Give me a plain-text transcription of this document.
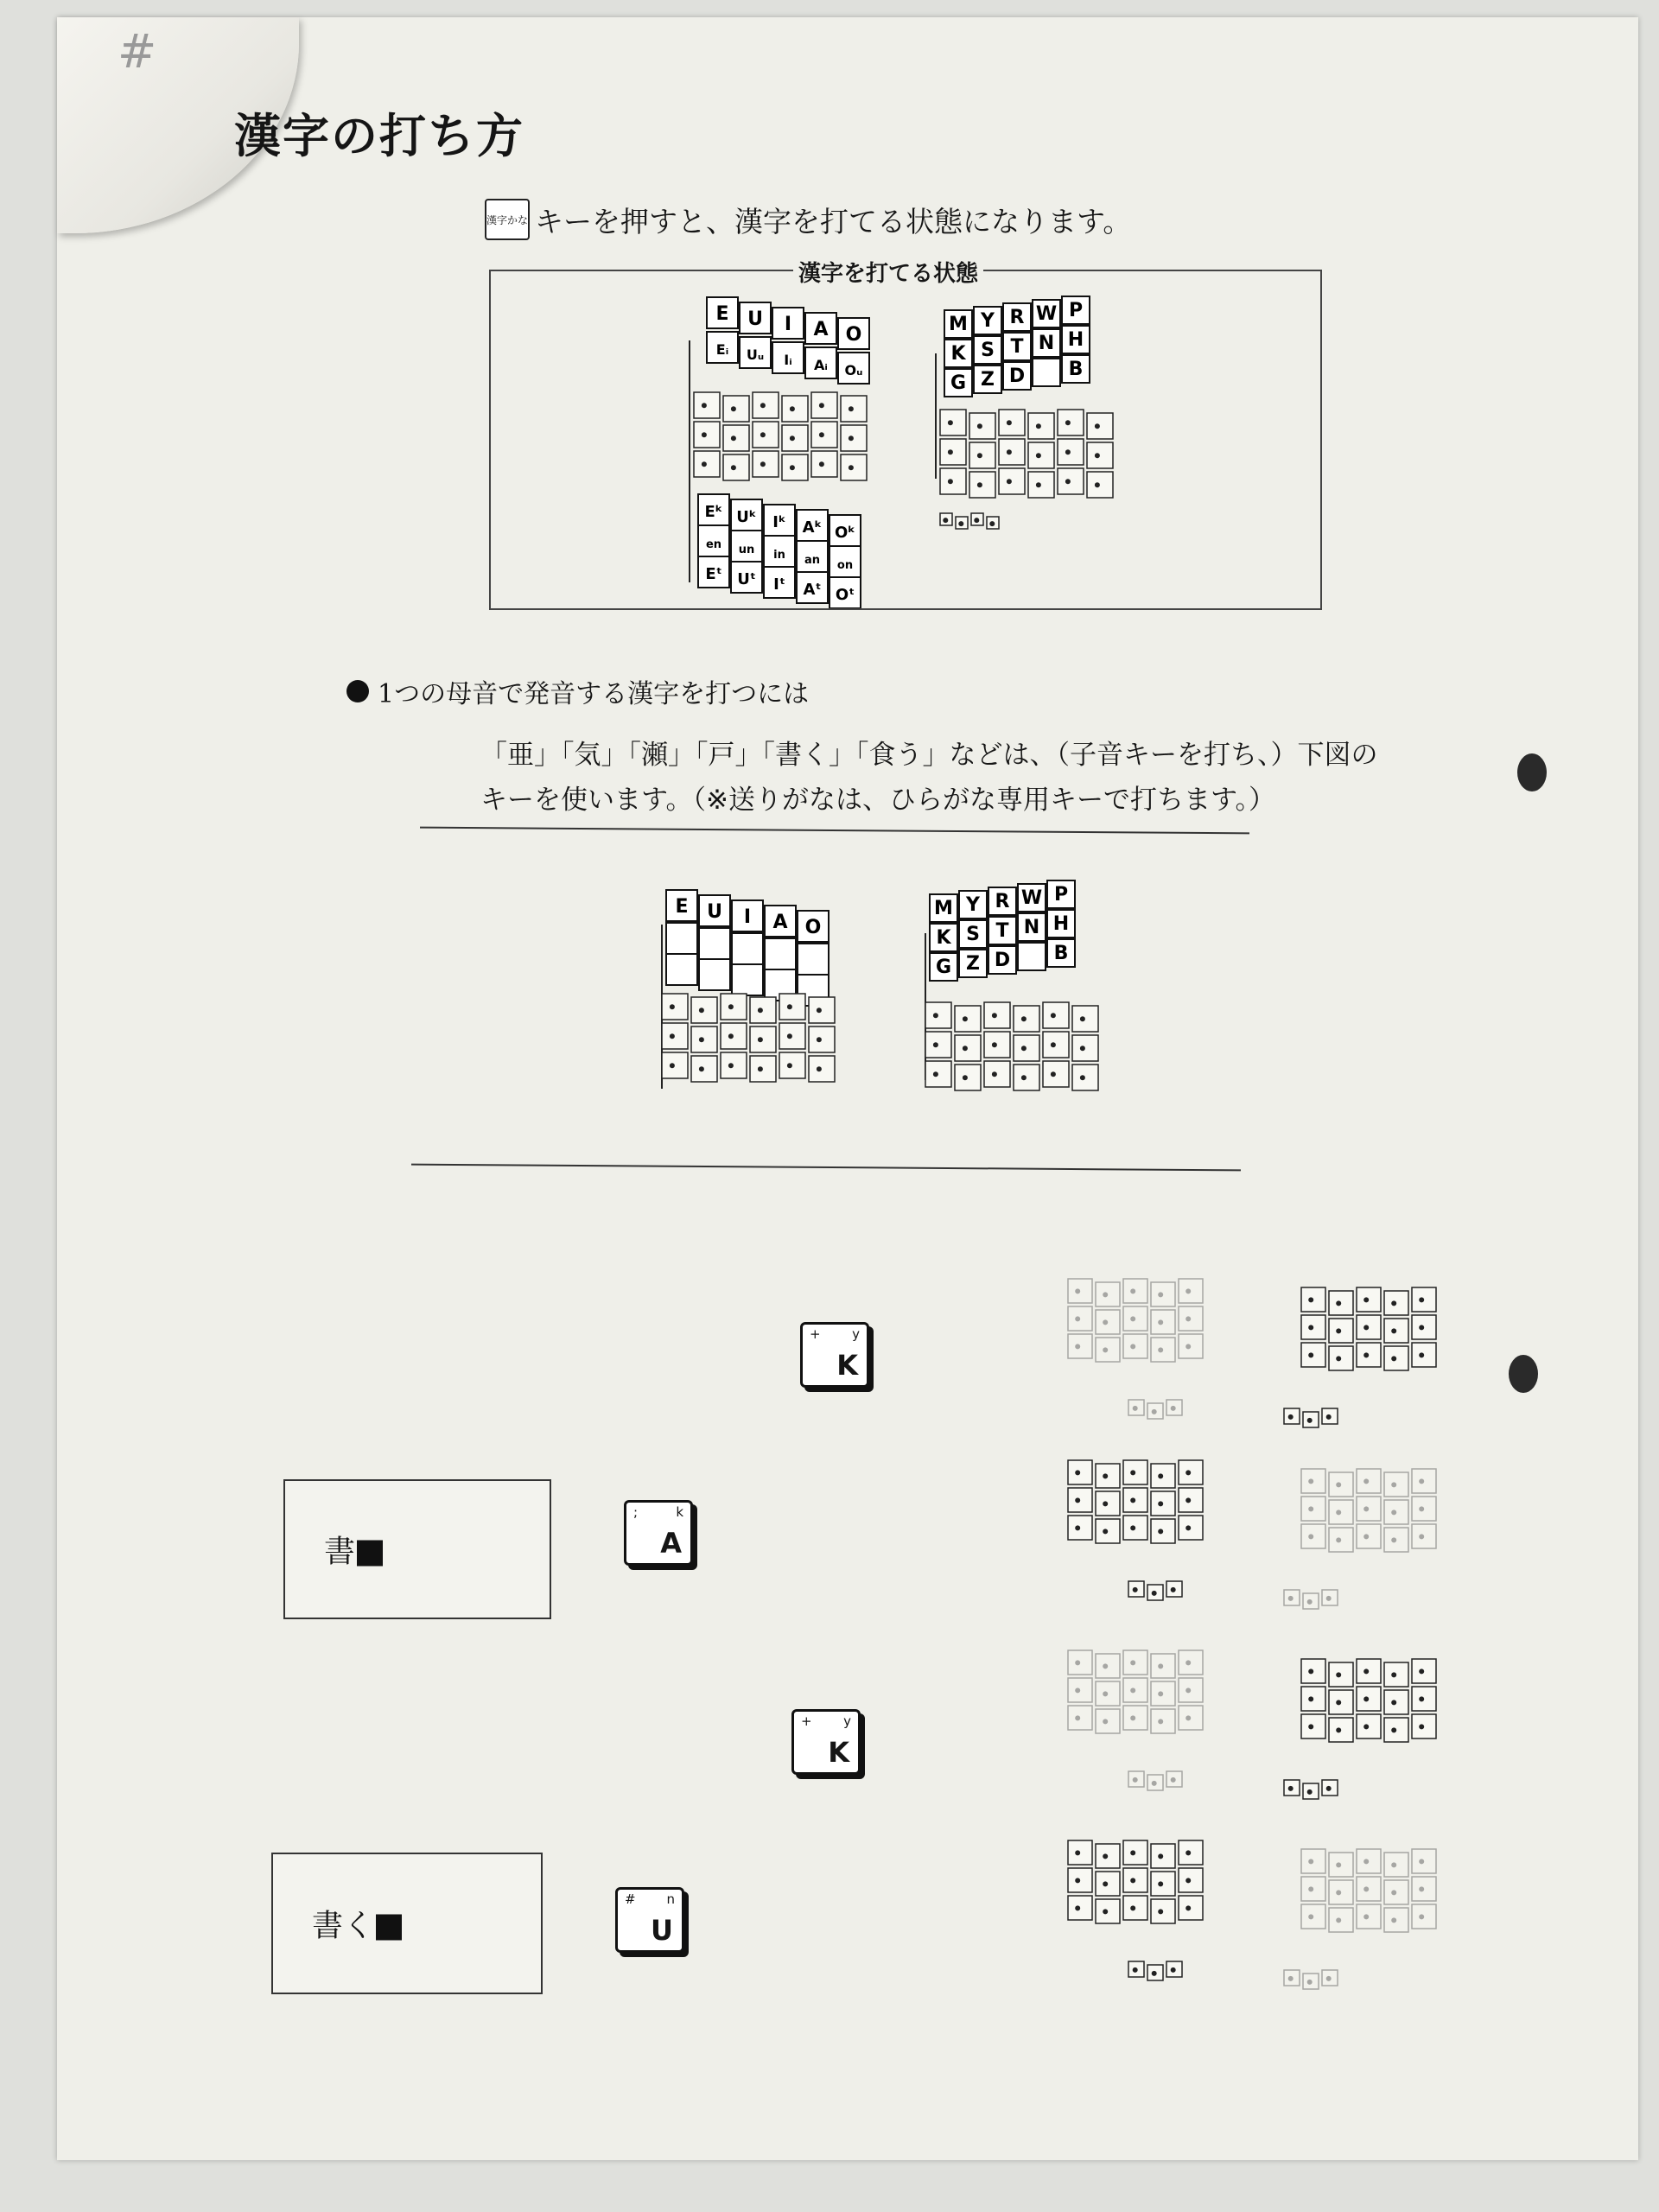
#
漢字の打ち方
漢字かな キーを押すと、漢字を打てる状態になります。
漢字を打てる状態
E U I A O
Eᵢ Uᵤ Iᵢ Aᵢ Oᵤ
Eᵏ Uᵏ Iᵏ Aᵏ Oᵏ
en un in an on
Eᵗ Uᵗ Iᵗ Aᵗ Oᵗ
M Y R W P
K S T N H
G Z D B
1つの母音で発音する漢字を打つには
「亜」「気」「瀬」「戸」「書く」「食う」などは、（子音キーを打ち、）下図の
キーを使います。（※送りがなは、ひらがな専用キーで打ちます。）
E U I A O
M Y R W P
K S T N H
G Z D B
+ y
K
書
;	k
A
+ y
K
書く
# n
U
